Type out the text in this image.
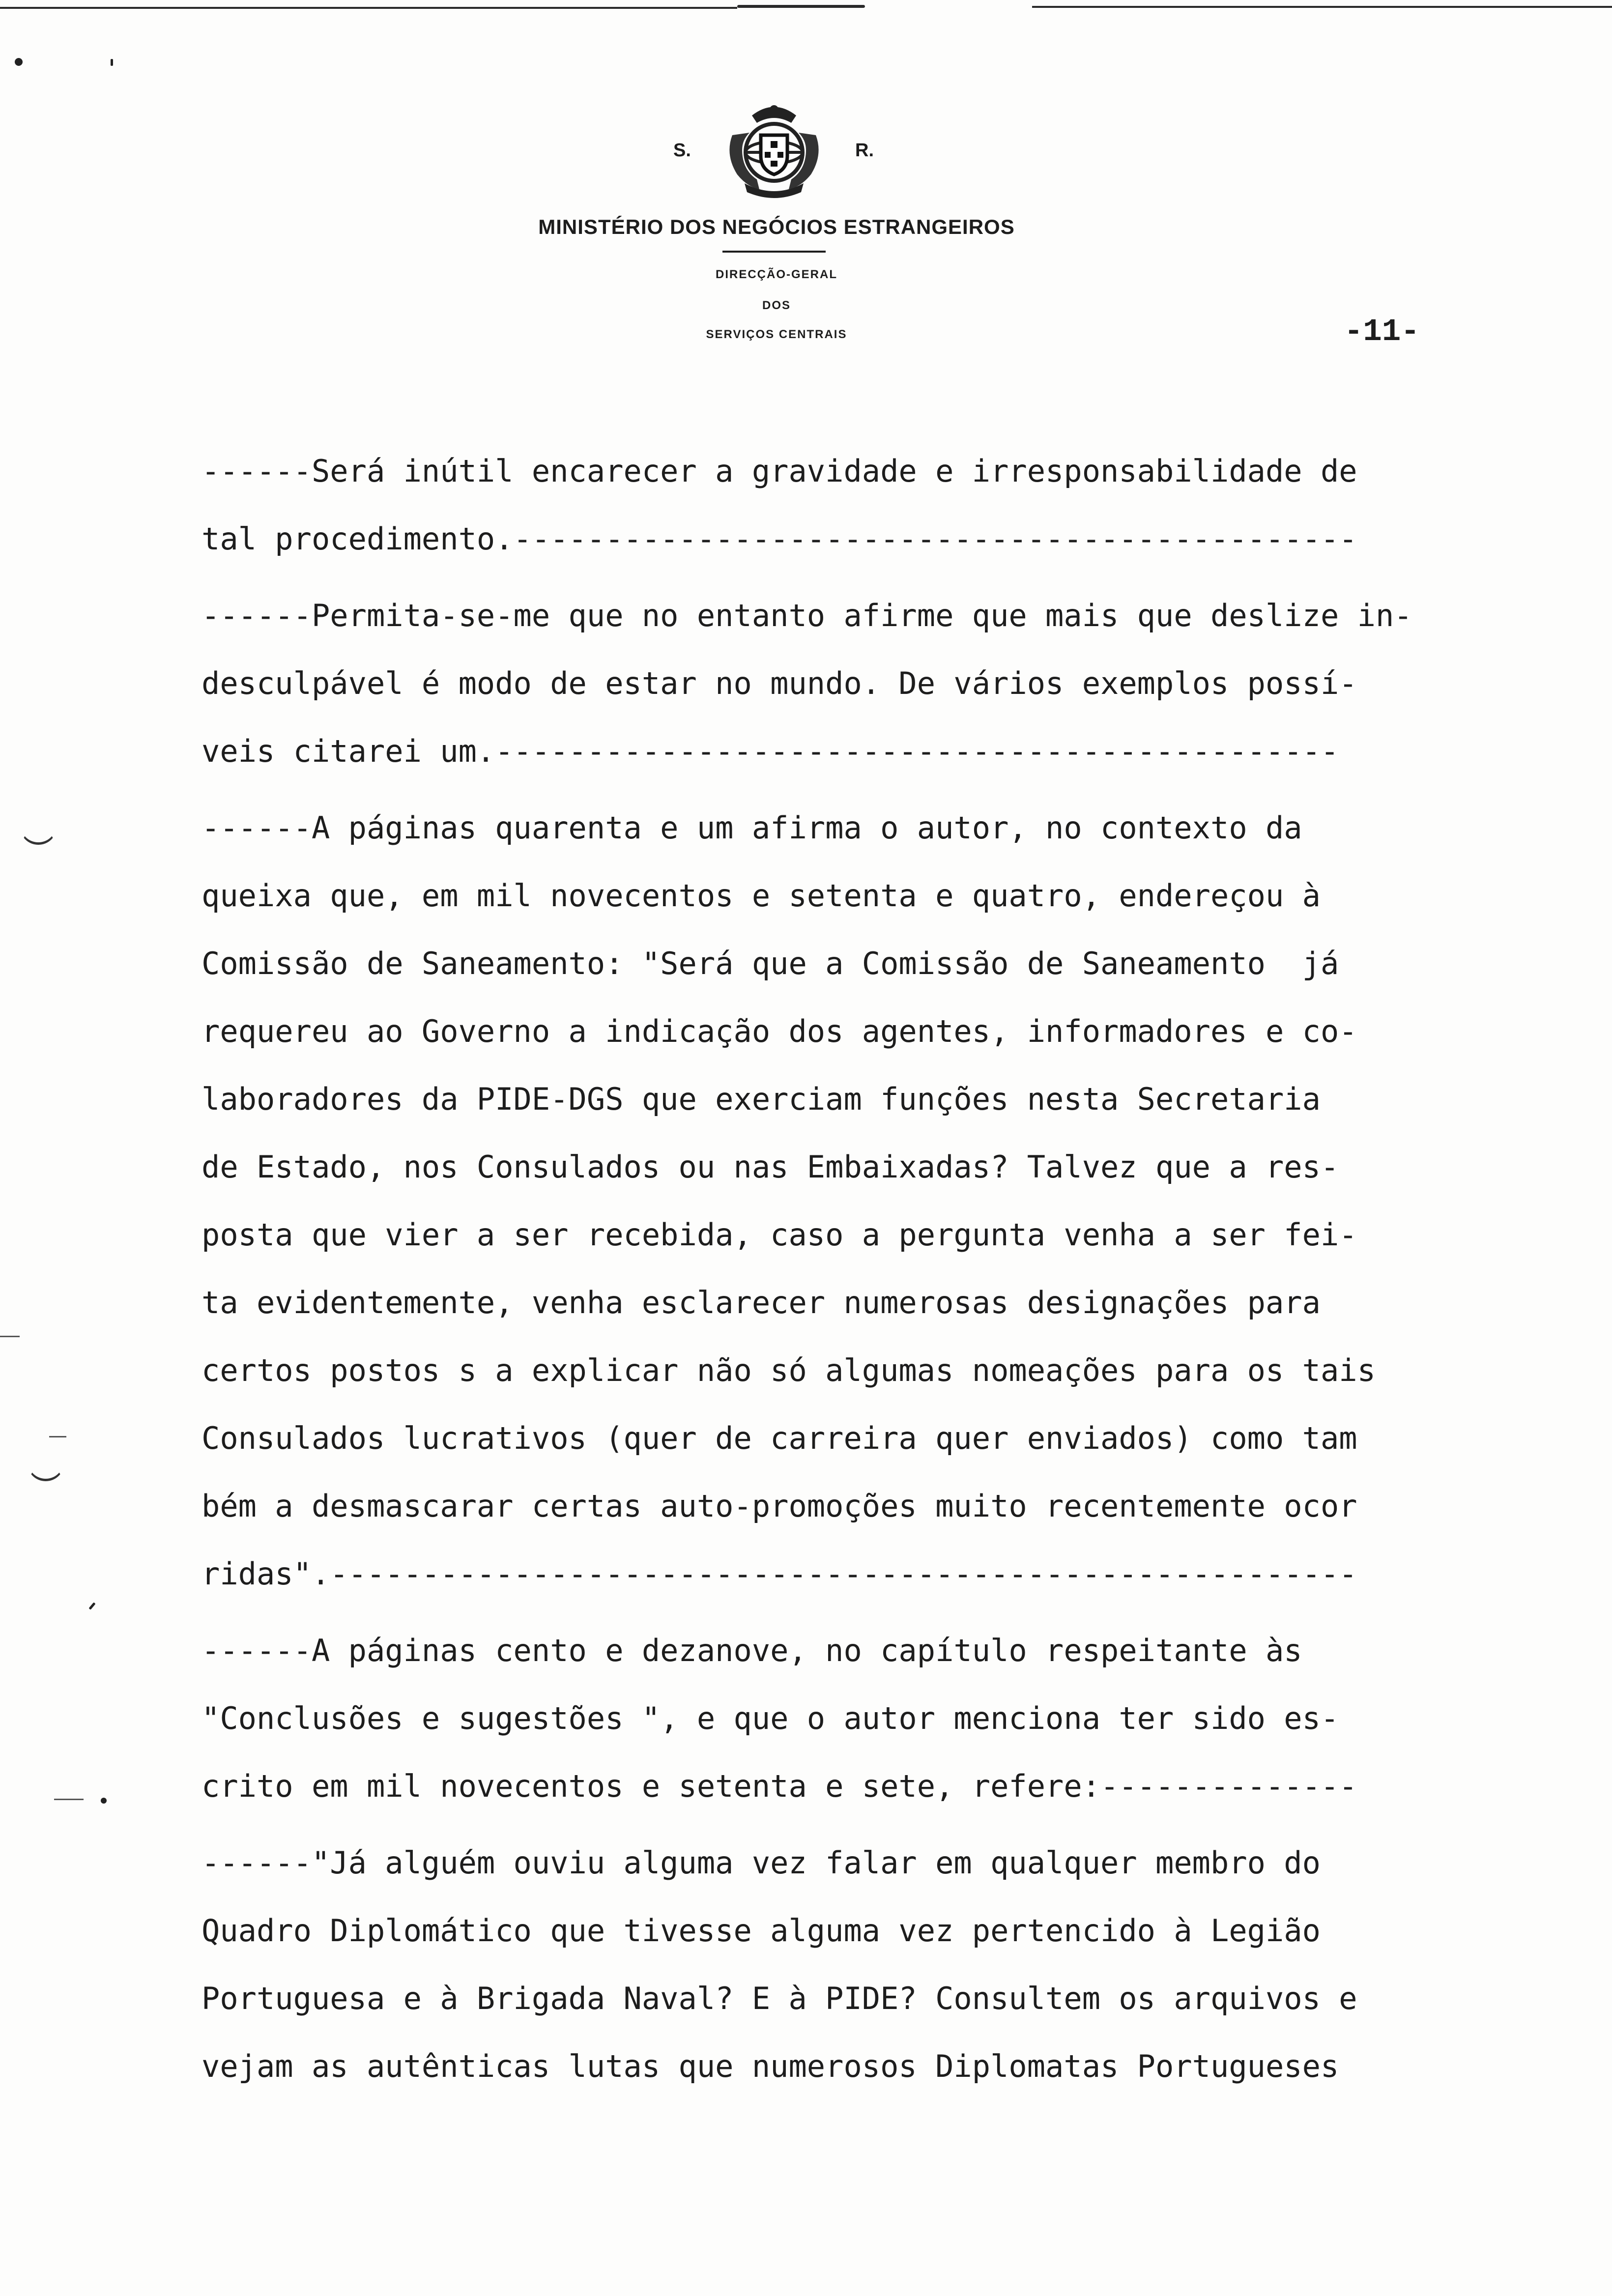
S.	R.
MINISTÉRIO DOS NEGÓCIOS ESTRANGEIROS
DIRECÇÃO-GERAL
DOS
SERVIÇOS CENTRAIS	-11-
------Será inútil encarecer a gravidade e irresponsabilidade de
tal procedimento.----------------------------------------------
------Permita-se-me que no entanto afirme que mais que deslize in-
desculpável é modo de estar no mundo. De vários exemplos possí-
veis citarei um.----------------------------------------------
------A páginas quarenta e um afirma o autor, no contexto da
queixa que, em mil novecentos e setenta e quatro, endereçou à
Comissão de Saneamento: "Será que a Comissão de Saneamento  já
requereu ao Governo a indicação dos agentes, informadores e co-
laboradores da PIDE-DGS que exerciam funções nesta Secretaria
de Estado, nos Consulados ou nas Embaixadas? Talvez que a res-
posta que vier a ser recebida, caso a pergunta venha a ser fei-
ta evidentemente, venha esclarecer numerosas designações para
certos postos s a explicar não só algumas nomeações para os tais
Consulados lucrativos (quer de carreira quer enviados) como tam
bém a desmascarar certas auto-promoções muito recentemente ocor
ridas".--------------------------------------------------------
------A páginas cento e dezanove, no capítulo respeitante às
"Conclusões e sugestões ", e que o autor menciona ter sido es-
crito em mil novecentos e setenta e sete, refere:--------------
------"Já alguém ouviu alguma vez falar em qualquer membro do
Quadro Diplomático que tivesse alguma vez pertencido à Legião
Portuguesa e à Brigada Naval? E à PIDE? Consultem os arquivos e
vejam as autênticas lutas que numerosos Diplomatas Portugueses
